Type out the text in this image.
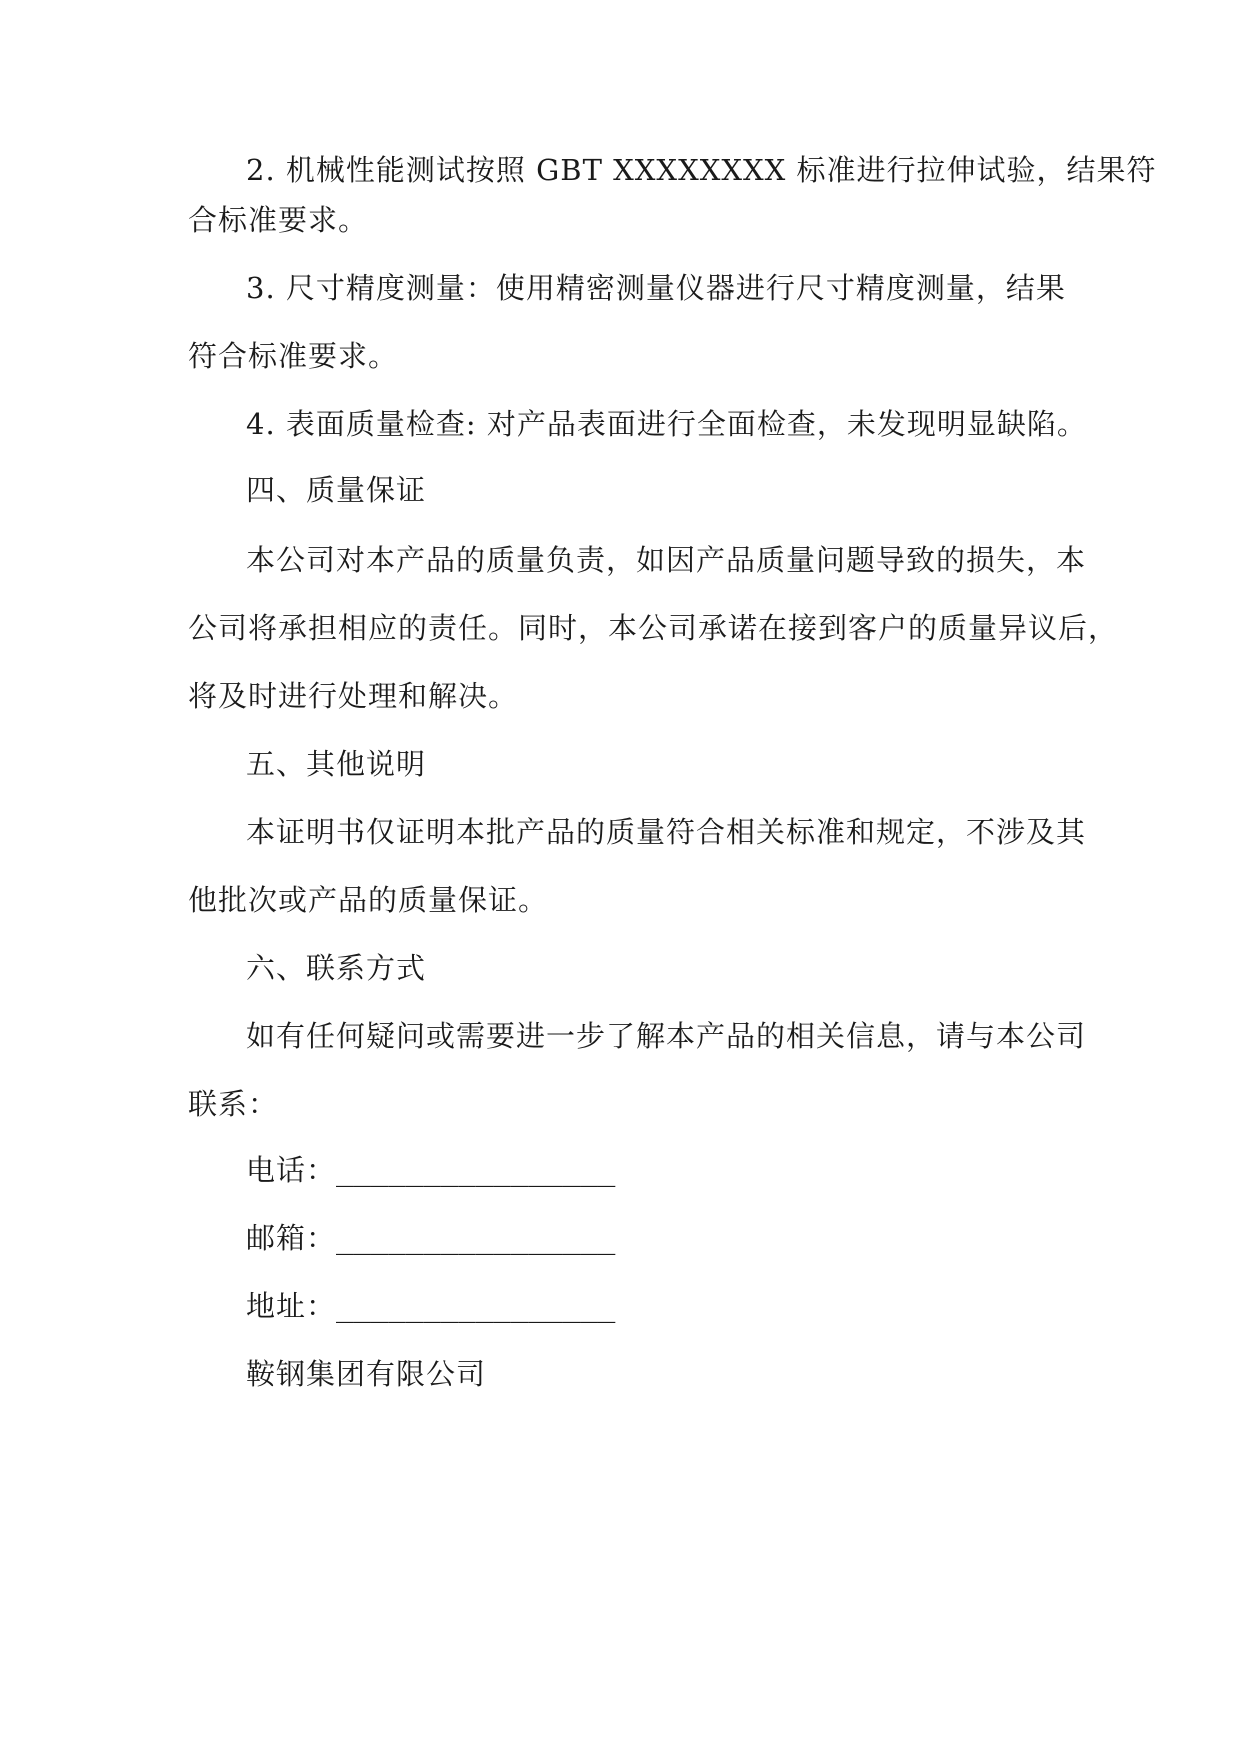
2. 机械性能测试按照 GBT XXXXXXXX 标准进行拉伸试验，结果符
合标准要求。
3. 尺寸精度测量：使用精密测量仪器进行尺寸精度测量，结果
符合标准要求。
4. 表面质量检查: 对产品表面进行全面检查，未发现明显缺陷。
四、质量保证
本公司对本产品的质量负责，如因产品质量问题导致的损失，本
公司将承担相应的责任。同时，本公司承诺在接到客户的质量异议后，
将及时进行处理和解决。
五、其他说明
本证明书仅证明本批产品的质量符合相关标准和规定，不涉及其
他批次或产品的质量保证。
六、联系方式
如有任何疑问或需要进一步了解本产品的相关信息，请与本公司
联系：
电话：________________
邮箱：________________
地址：________________
鞍钢集团有限公司
